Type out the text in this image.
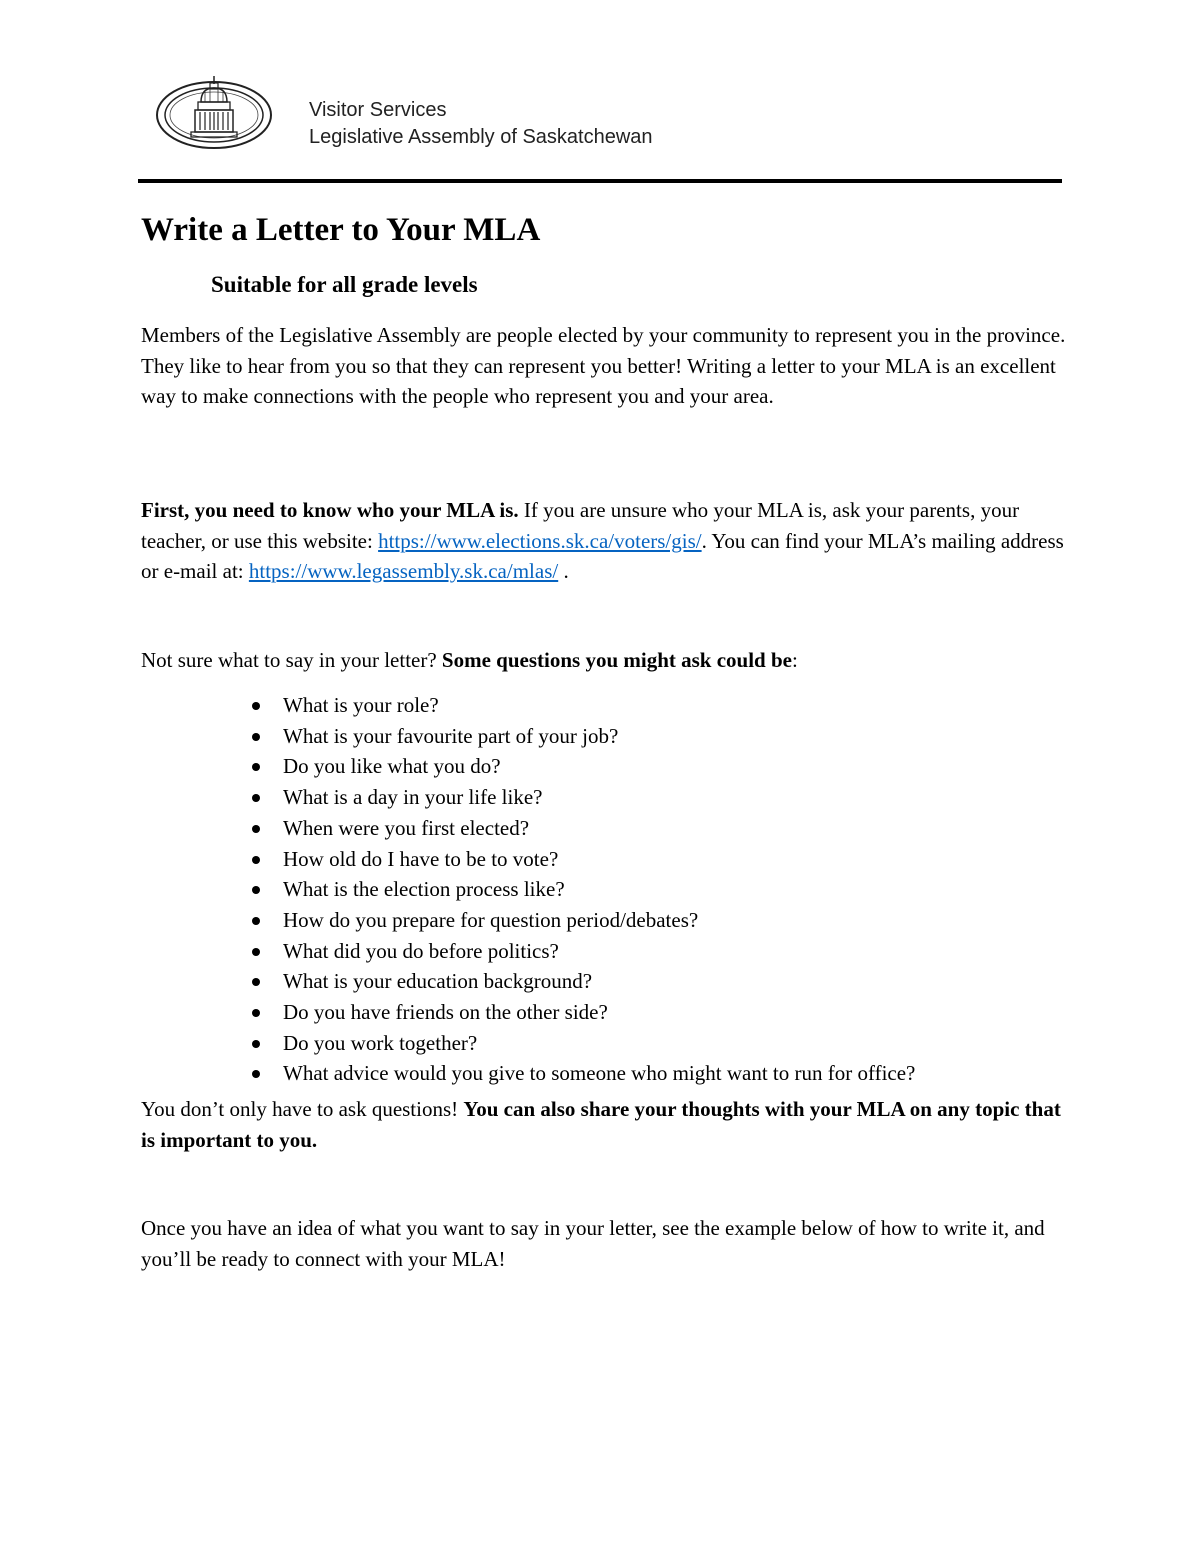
Visitor Services
Legislative Assembly of Saskatchewan
Write a Letter to Your MLA
Suitable for all grade levels

Members of the Legislative Assembly are people elected by your community to represent you in the province. They like to hear from you so that they can represent you better! Writing a letter to your MLA is an excellent way to make connections with the people who represent you and your area.

First, you need to know who your MLA is. If you are unsure who your MLA is, ask your parents, your teacher, or use this website: https://www.elections.sk.ca/voters/gis/. You can find your MLA’s mailing address or e-mail at: https://www.legassembly.sk.ca/mlas/ .

Not sure what to say in your letter? Some questions you might ask could be:

What is your role?
What is your favourite part of your job?
Do you like what you do?
What is a day in your life like?
When were you first elected?
How old do I have to be to vote?
What is the election process like?
How do you prepare for question period/debates?
What did you do before politics?
What is your education background?
Do you have friends on the other side?
Do you work together?
What advice would you give to someone who might want to run for office?

You don’t only have to ask questions! You can also share your thoughts with your MLA on any topic that is important to you.

Once you have an idea of what you want to say in your letter, see the example below of how to write it, and you’ll be ready to connect with your MLA!
